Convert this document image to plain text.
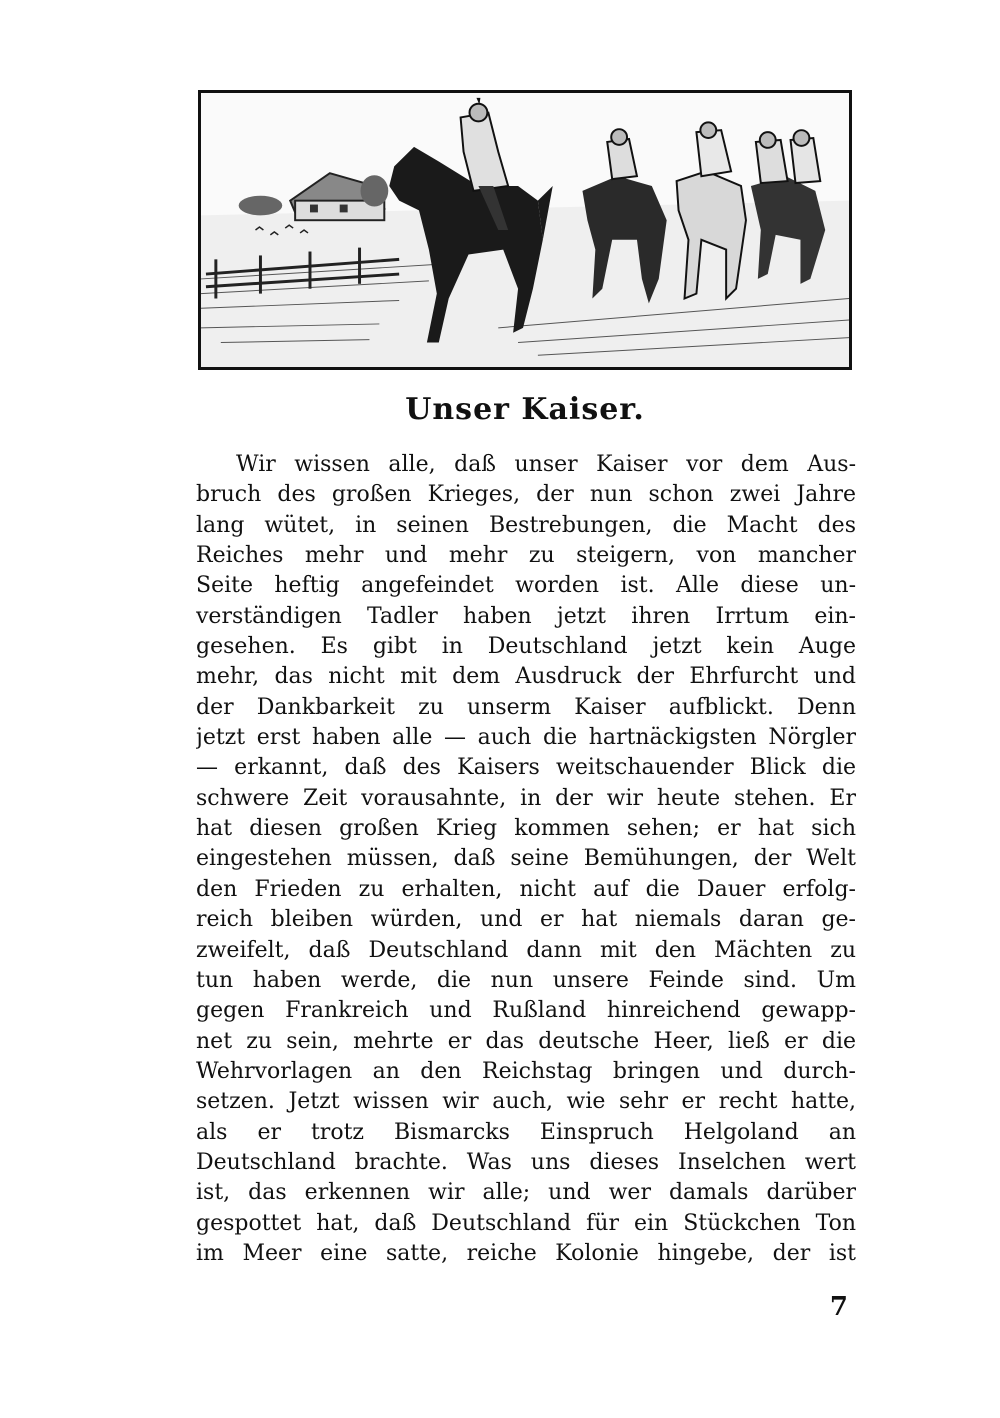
Unser Kaiser.
Wir wissen alle, daß unser Kaiser vor dem Aus-
bruch des großen Krieges, der nun schon zwei Jahre
lang wütet, in seinen Bestrebungen, die Macht des
Reiches mehr und mehr zu steigern, von mancher
Seite heftig angefeindet worden ist. Alle diese un-
verständigen Tadler haben jetzt ihren Irrtum ein-
gesehen. Es gibt in Deutschland jetzt kein Auge
mehr, das nicht mit dem Ausdruck der Ehrfurcht und
der Dankbarkeit zu unserm Kaiser aufblickt. Denn
jetzt erst haben alle — auch die hartnäckigsten Nörgler
— erkannt, daß des Kaisers weitschauender Blick die
schwere Zeit vorausahnte, in der wir heute stehen. Er
hat diesen großen Krieg kommen sehen; er hat sich
eingestehen müssen, daß seine Bemühungen, der Welt
den Frieden zu erhalten, nicht auf die Dauer erfolg-
reich bleiben würden, und er hat niemals daran ge-
zweifelt, daß Deutschland dann mit den Mächten zu
tun haben werde, die nun unsere Feinde sind. Um
gegen Frankreich und Rußland hinreichend gewapp-
net zu sein, mehrte er das deutsche Heer, ließ er die
Wehrvorlagen an den Reichstag bringen und durch-
setzen. Jetzt wissen wir auch, wie sehr er recht hatte,
als er trotz Bismarcks Einspruch Helgoland an
Deutschland brachte. Was uns dieses Inselchen wert
ist, das erkennen wir alle; und wer damals darüber
gespottet hat, daß Deutschland für ein Stückchen Ton
im Meer eine satte, reiche Kolonie hingebe, der ist
7
